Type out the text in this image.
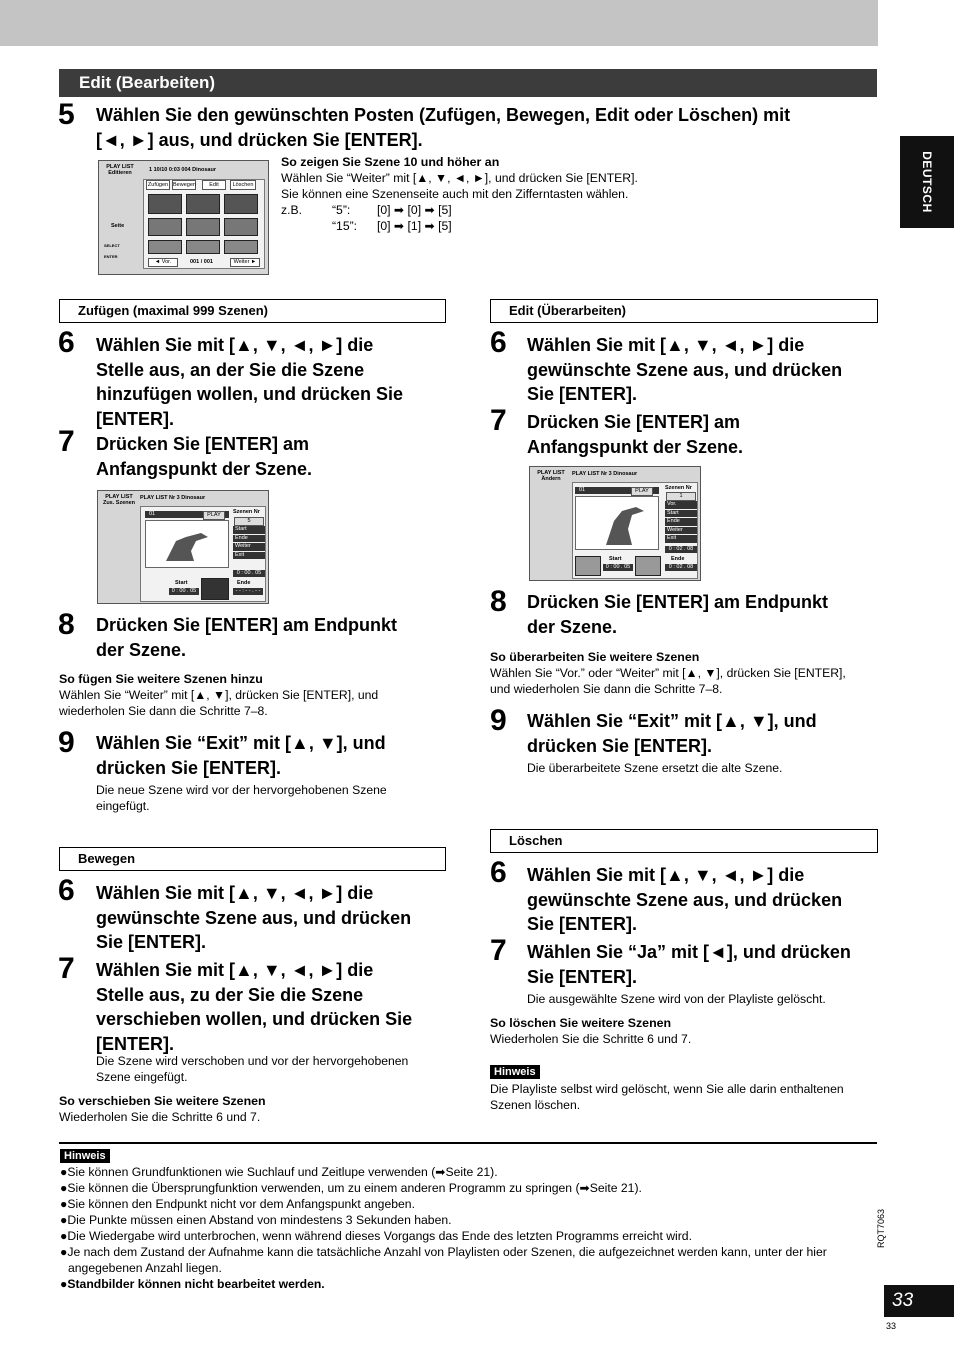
Edit (Bearbeiten)
DEUTSCH
5 Wählen Sie den gewünschten Posten (Zufügen, Bewegen, Edit oder Löschen) mit
[◄, ►] aus, und drücken Sie [ENTER].
PLAY LIST Editieren	1 10/10 0:03 004 Dinosaur
Zufügen Bewegen	Edit	Löschen
◄ Vor.	001 / 001	Weiter ►
Seite
SELECT
ENTER
So zeigen Sie Szene 10 und höher an
Wählen Sie “Weiter” mit [▲, ▼, ◄, ►], und drücken Sie [ENTER].
Sie können eine Szenenseite auch mit den Zifferntasten wählen.
z.B. “5”: [0] ➡ [0] ➡ [5]
“15”: [0] ➡ [1] ➡ [5]
Zufügen (maximal 999 Szenen)
6 Wählen Sie mit [▲, ▼, ◄, ►] die
Stelle aus, an der Sie die Szene
hinzufügen wollen, und drücken Sie
[ENTER].
7 Drücken Sie [ENTER] am
Anfangspunkt der Szene.
PLAY LIST Zus. Szenen
PLAY LIST Nr 3 Dinosaur
01	PLAY	Szenen Nr
5
Start
Ende
Weiter
Exit
0 : 00 . 05
Start
0 : 00 . 05
Ende
- - : - - . - -
8 Drücken Sie [ENTER] am Endpunkt
der Szene.
So fügen Sie weitere Szenen hinzu
Wählen Sie “Weiter” mit [▲, ▼], drücken Sie [ENTER], und
wiederholen Sie dann die Schritte 7–8.
9 Wählen Sie “Exit” mit [▲, ▼], und
drücken Sie [ENTER].
Die neue Szene wird vor der hervorgehobenen Szene
eingefügt.
Bewegen
6 Wählen Sie mit [▲, ▼, ◄, ►] die
gewünschte Szene aus, und drücken
Sie [ENTER].
7 Wählen Sie mit [▲, ▼, ◄, ►] die
Stelle aus, zu der Sie die Szene
verschieben wollen, und drücken Sie
[ENTER].
Die Szene wird verschoben und vor der hervorgehobenen
Szene eingefügt.
So verschieben Sie weitere Szenen
Wiederholen Sie die Schritte 6 und 7.
Edit (Überarbeiten)
6 Wählen Sie mit [▲, ▼, ◄, ►] die
gewünschte Szene aus, und drücken
Sie [ENTER].
7 Drücken Sie [ENTER] am
Anfangspunkt der Szene.
PLAY LIST Ändern
PLAY LIST Nr 3 Dinosaur
01	PLAY	Szenen Nr
1
Vor.
Start
Ende
Weiter
Exit
0 : 02 . 08
Start
0 : 00 . 05
Ende
0 : 02 . 08
8 Drücken Sie [ENTER] am Endpunkt
der Szene.
So überarbeiten Sie weitere Szenen
Wählen Sie “Vor.” oder “Weiter” mit [▲, ▼], drücken Sie [ENTER],
und wiederholen Sie dann die Schritte 7–8.
9 Wählen Sie “Exit” mit [▲, ▼], und
drücken Sie [ENTER].
Die überarbeitete Szene ersetzt die alte Szene.
Löschen
6 Wählen Sie mit [▲, ▼, ◄, ►] die
gewünschte Szene aus, und drücken
Sie [ENTER].
7 Wählen Sie “Ja” mit [◄], und drücken
Sie [ENTER].
Die ausgewählte Szene wird von der Playliste gelöscht.
So löschen Sie weitere Szenen
Wiederholen Sie die Schritte 6 und 7.
Hinweis
Die Playliste selbst wird gelöscht, wenn Sie alle darin enthaltenen
Szenen löschen.
Hinweis
●Sie können Grundfunktionen wie Suchlauf und Zeitlupe verwenden (➡Seite 21).
●Sie können die Übersprungfunktion verwenden, um zu einem anderen Programm zu springen (➡Seite 21).
●Sie können den Endpunkt nicht vor dem Anfangspunkt angeben.
●Die Punkte müssen einen Abstand von mindestens 3 Sekunden haben.
●Die Wiedergabe wird unterbrochen, wenn während dieses Vorgangs das Ende des letzten Programms erreicht wird.
●Je nach dem Zustand der Aufnahme kann die tatsächliche Anzahl von Playlisten oder Szenen, die aufgezeichnet werden kann, unter der hier angegebenen Anzahl liegen.
●Standbilder können nicht bearbeitet werden.
RQT7063
33
33
